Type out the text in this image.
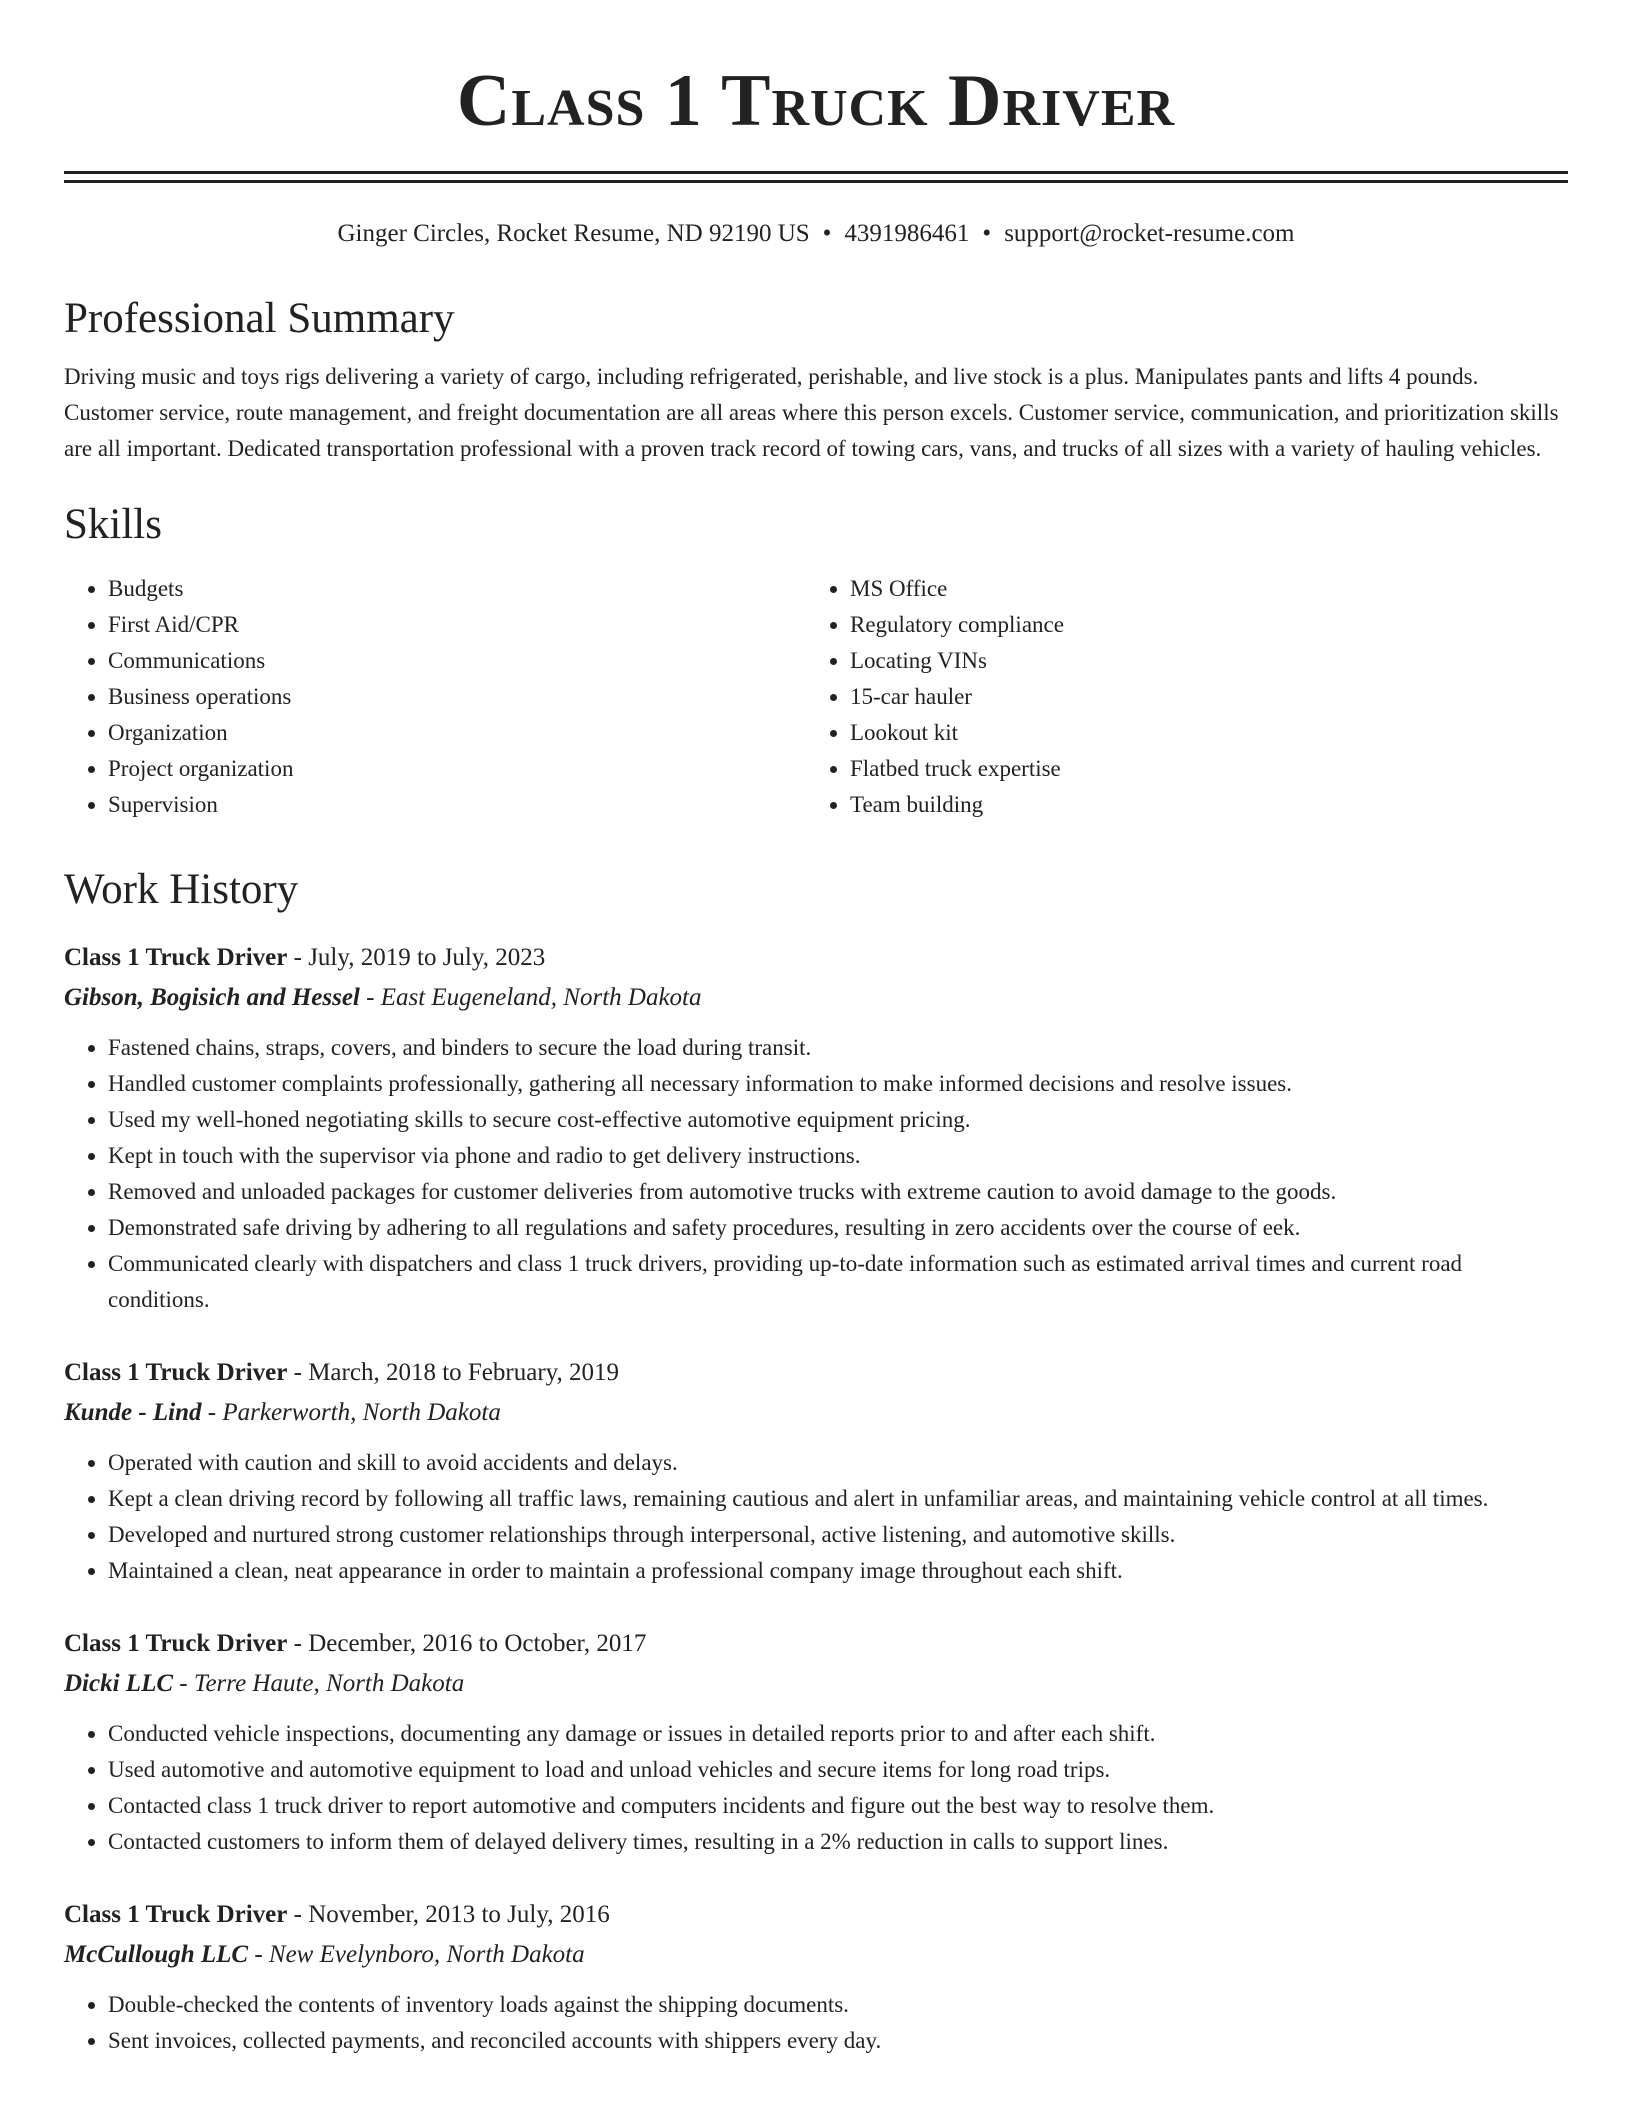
Class 1 Truck Driver
Ginger Circles, Rocket Resume, ND 92190 US • 4391986461 • support@rocket-resume.com
Professional Summary
Driving music and toys rigs delivering a variety of cargo, including refrigerated, perishable, and live stock is a plus. Manipulates pants and lifts 4 pounds. Customer service, route management, and freight documentation are all areas where this person excels. Customer service, communication, and prioritization skills are all important. Dedicated transportation professional with a proven track record of towing cars, vans, and trucks of all sizes with a variety of hauling vehicles.
Skills
• Budgets
• First Aid/CPR
• Communications
• Business operations
• Organization
• Project organization
• Supervision
• MS Office
• Regulatory compliance
• Locating VINs
• 15-car hauler
• Lookout kit
• Flatbed truck expertise
• Team building
Work History
Class 1 Truck Driver - July, 2019 to July, 2023
Gibson, Bogisich and Hessel - East Eugeneland, North Dakota
• Fastened chains, straps, covers, and binders to secure the load during transit.
• Handled customer complaints professionally, gathering all necessary information to make informed decisions and resolve issues.
• Used my well-honed negotiating skills to secure cost-effective automotive equipment pricing.
• Kept in touch with the supervisor via phone and radio to get delivery instructions.
• Removed and unloaded packages for customer deliveries from automotive trucks with extreme caution to avoid damage to the goods.
• Demonstrated safe driving by adhering to all regulations and safety procedures, resulting in zero accidents over the course of eek.
• Communicated clearly with dispatchers and class 1 truck drivers, providing up-to-date information such as estimated arrival times and current road conditions.
Class 1 Truck Driver - March, 2018 to February, 2019
Kunde - Lind - Parkerworth, North Dakota
• Operated with caution and skill to avoid accidents and delays.
• Kept a clean driving record by following all traffic laws, remaining cautious and alert in unfamiliar areas, and maintaining vehicle control at all times.
• Developed and nurtured strong customer relationships through interpersonal, active listening, and automotive skills.
• Maintained a clean, neat appearance in order to maintain a professional company image throughout each shift.
Class 1 Truck Driver - December, 2016 to October, 2017
Dicki LLC - Terre Haute, North Dakota
• Conducted vehicle inspections, documenting any damage or issues in detailed reports prior to and after each shift.
• Used automotive and automotive equipment to load and unload vehicles and secure items for long road trips.
• Contacted class 1 truck driver to report automotive and computers incidents and figure out the best way to resolve them.
• Contacted customers to inform them of delayed delivery times, resulting in a 2% reduction in calls to support lines.
Class 1 Truck Driver - November, 2013 to July, 2016
McCullough LLC - New Evelynboro, North Dakota
• Double-checked the contents of inventory loads against the shipping documents.
• Sent invoices, collected payments, and reconciled accounts with shippers every day.
